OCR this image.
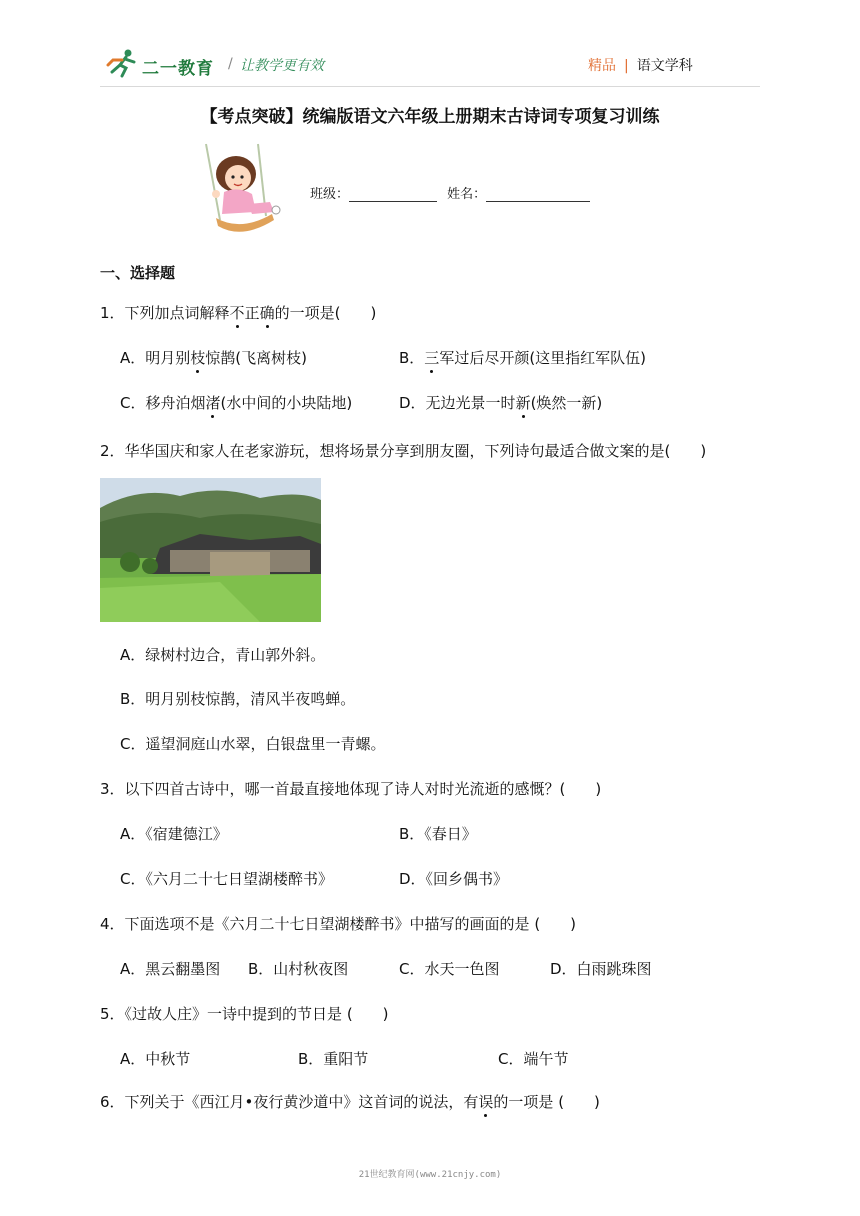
二一教育 / 让教学更有效	精品 | 语文学科
【考点突破】统编版语文六年级上册期末古诗词专项复习训练
班级：	姓名：
一、选择题
1．下列加点词解释不正确的一项是(　　)
A．明月别枝惊鹊(飞离树枝)	B．三军过后尽开颜(这里指红军队伍)
C．移舟泊烟渚(水中间的小块陆地)	D．无边光景一时新(焕然一新)
2．华华国庆和家人在老家游玩，想将场景分享到朋友圈，下列诗句最适合做文案的是(　　)
A．绿树村边合，青山郭外斜。
B．明月别枝惊鹊，清风半夜鸣蝉。
C．遥望洞庭山水翠，白银盘里一青螺。
3．以下四首古诗中，哪一首最直接地体现了诗人对时光流逝的感慨？(　　)
A．《宿建德江》	B．《春日》
C．《六月二十七日望湖楼醉书》	D．《回乡偶书》
4．下面选项不是《六月二十七日望湖楼醉书》中描写的画面的是 (　　)
A．黑云翻墨图 B．山村秋夜图	C．水天一色图	D．白雨跳珠图
5．《过故人庄》一诗中提到的节日是 (　　)
A．中秋节	B．重阳节	C．端午节
6．下列关于《西江月•夜行黄沙道中》这首词的说法，有误的一项是 (　　)
21世纪教育网(www.21cnjy.com)
